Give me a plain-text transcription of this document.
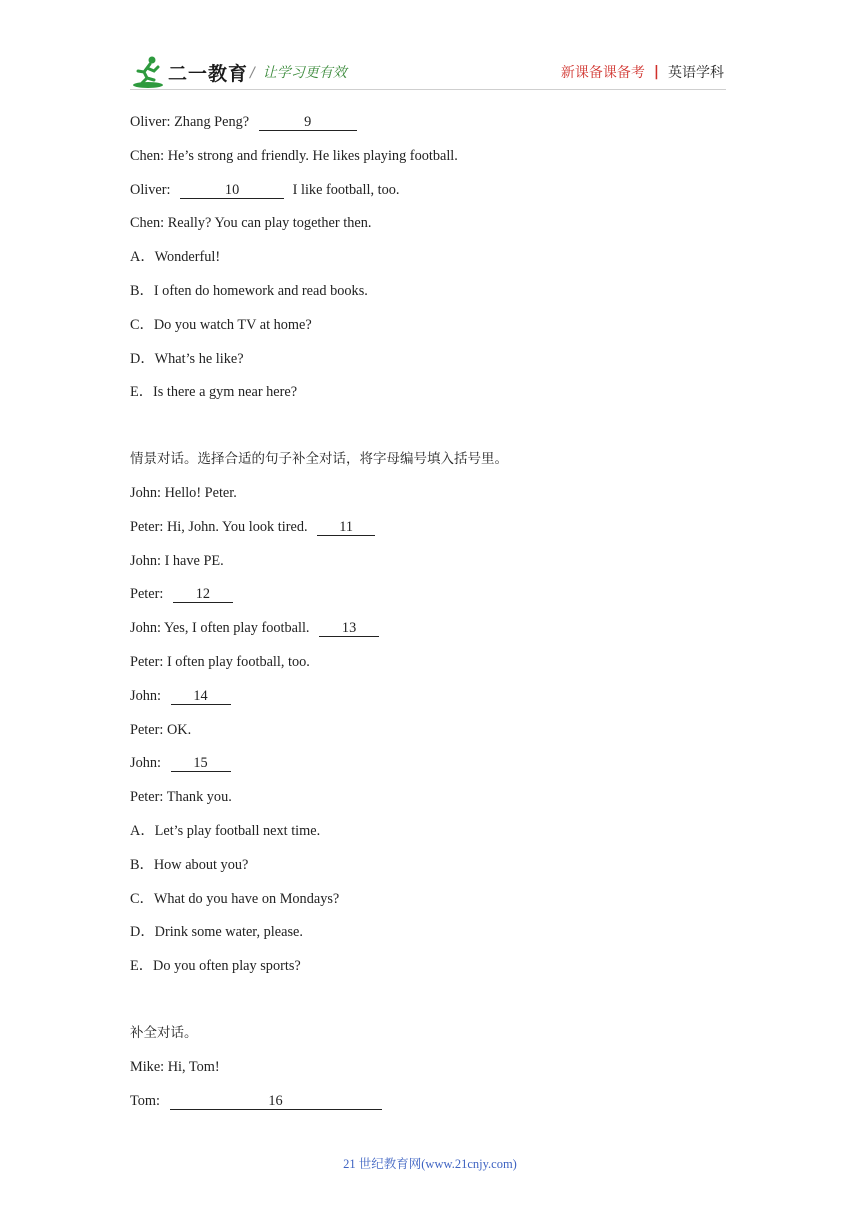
二一教育 / 让学习更有效	新课备课备考 | 英语学科
Oliver: Zhang Peng?	9
Chen: He’s strong and friendly. He likes playing football.
Oliver:	10	I like football, too.
Chen: Really? You can play together then.
A．Wonderful!
B．I often do homework and read books.
C．Do you watch TV at home?
D．What’s he like?
E．Is there a gym near here?
情景对话。选择合适的句子补全对话，将字母编号填入括号里。
John: Hello! Peter.
Peter: Hi, John. You look tired. 11
John: I have PE.
Peter: 12
John: Yes, I often play football. 13
Peter: I often play football, too.
John: 14
Peter: OK.
John: 15
Peter: Thank you.
A．Let’s play football next time.
B．How about you?
C．What do you have on Mondays?
D．Drink some water, please.
E．Do you often play sports?
补全对话。
Mike: Hi, Tom!
Tom:	16
21 世纪教育网(www.21cnjy.com)
